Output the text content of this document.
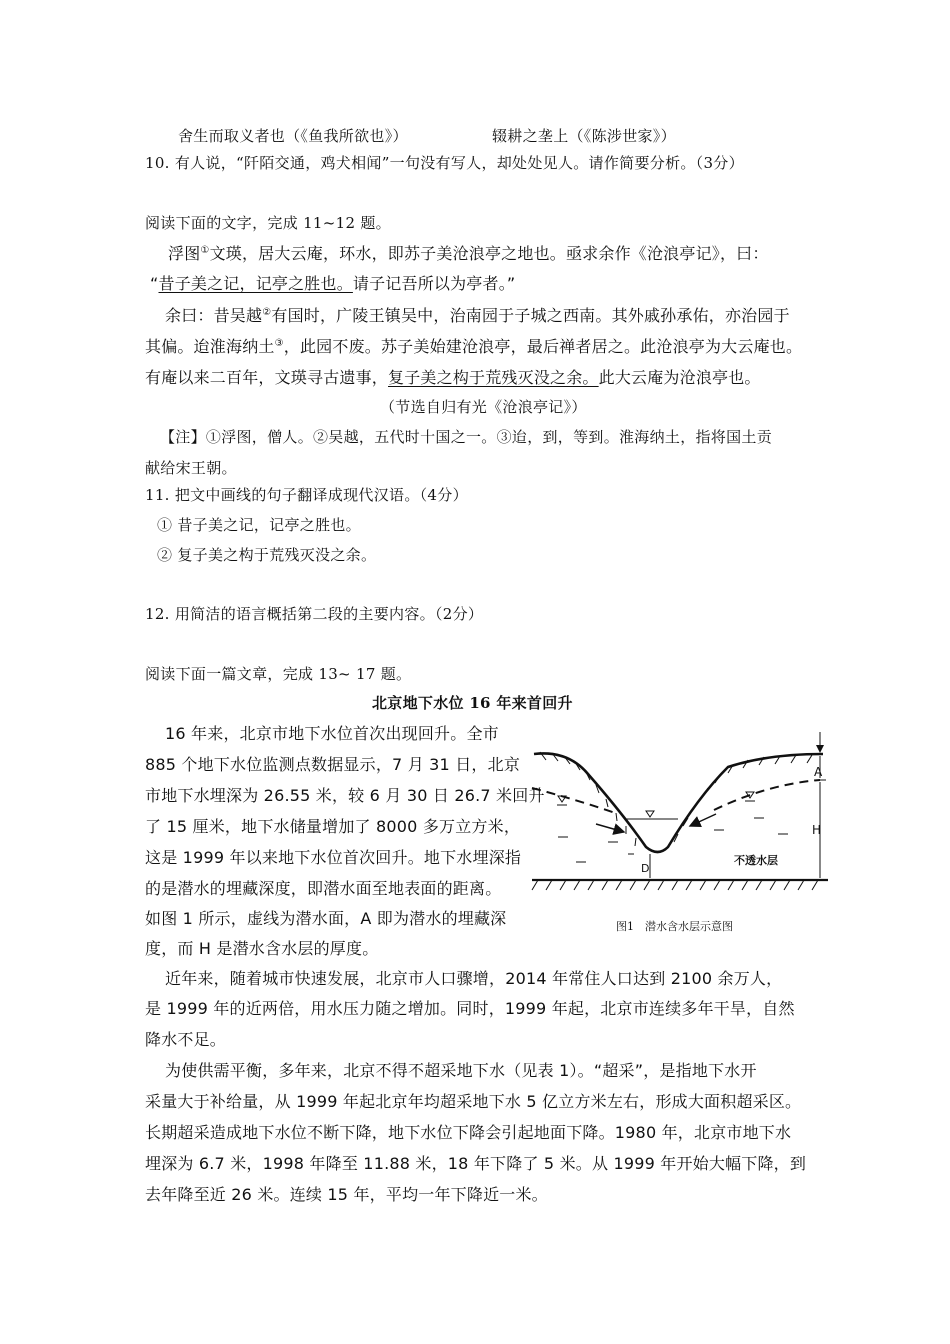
舍生而取义者也（《鱼我所欲也》）	辍耕之垄上（《陈涉世家》）
10. 有人说，“阡陌交通，鸡犬相闻”一句没有写人，却处处见人。请作简要分析。（3分）
阅读下面的文字，完成 11~12 题。
浮图①文瑛，居大云庵，环水，即苏子美沧浪亭之地也。亟求余作《沧浪亭记》，曰：
“昔子美之记，记亭之胜也。请子记吾所以为亭者。”
余曰：昔吴越②有国时，广陵王镇吴中，治南园于子城之西南。其外戚孙承佑，亦治园于
其偏。迨淮海纳土③，此园不废。苏子美始建沧浪亭，最后禅者居之。此沧浪亭为大云庵也。
有庵以来二百年，文瑛寻古遗事，复子美之构于荒残灭没之余。此大云庵为沧浪亭也。
（节选自归有光《沧浪亭记》）
【注】①浮图，僧人。②吴越，五代时十国之一。③迨，到，等到。淮海纳土，指将国土贡
献给宋王朝。
11. 把文中画线的句子翻译成现代汉语。（4分）
① 昔子美之记，记亭之胜也。
② 复子美之构于荒残灭没之余。
12. 用简洁的语言概括第二段的主要内容。（2分）
阅读下面一篇文章，完成 13~ 17 题。
北京地下水位 16 年来首回升
16 年来，北京市地下水位首次出现回升。全市
885 个地下水位监测点数据显示，7 月 31 日，北京
市地下水埋深为 26.55 米，较 6 月 30 日 26.7 米回升
了 15 厘米，地下水储量增加了 8000 多万立方米，
这是 1999 年以来地下水位首次回升。地下水埋深指
的是潜水的埋藏深度，即潜水面至地表面的距离。
如图 1 所示，虚线为潜水面，A 即为潜水的埋藏深
度，而 H 是潜水含水层的厚度。
近年来，随着城市快速发展，北京市人口骤增，2014 年常住人口达到 2100 余万人，
是 1999 年的近两倍，用水压力随之增加。同时，1999 年起，北京市连续多年干旱，自然
降水不足。
为使供需平衡，多年来，北京不得不超采地下水（见表 1）。“超采”，是指地下水开
采量大于补给量，从 1999 年起北京年均超采地下水 5 亿立方米左右，形成大面积超采区。
长期超采造成地下水位不断下降，地下水位下降会引起地面下降。1980 年，北京市地下水
埋深为 6.7 米，1998 年降至 11.88 米，18 年下降了 5 米。从 1999 年开始大幅下降，到
去年降至近 26 米。连续 15 年，平均一年下降近一米。
A
H
D
不透水层
图1　潜水含水层示意图
